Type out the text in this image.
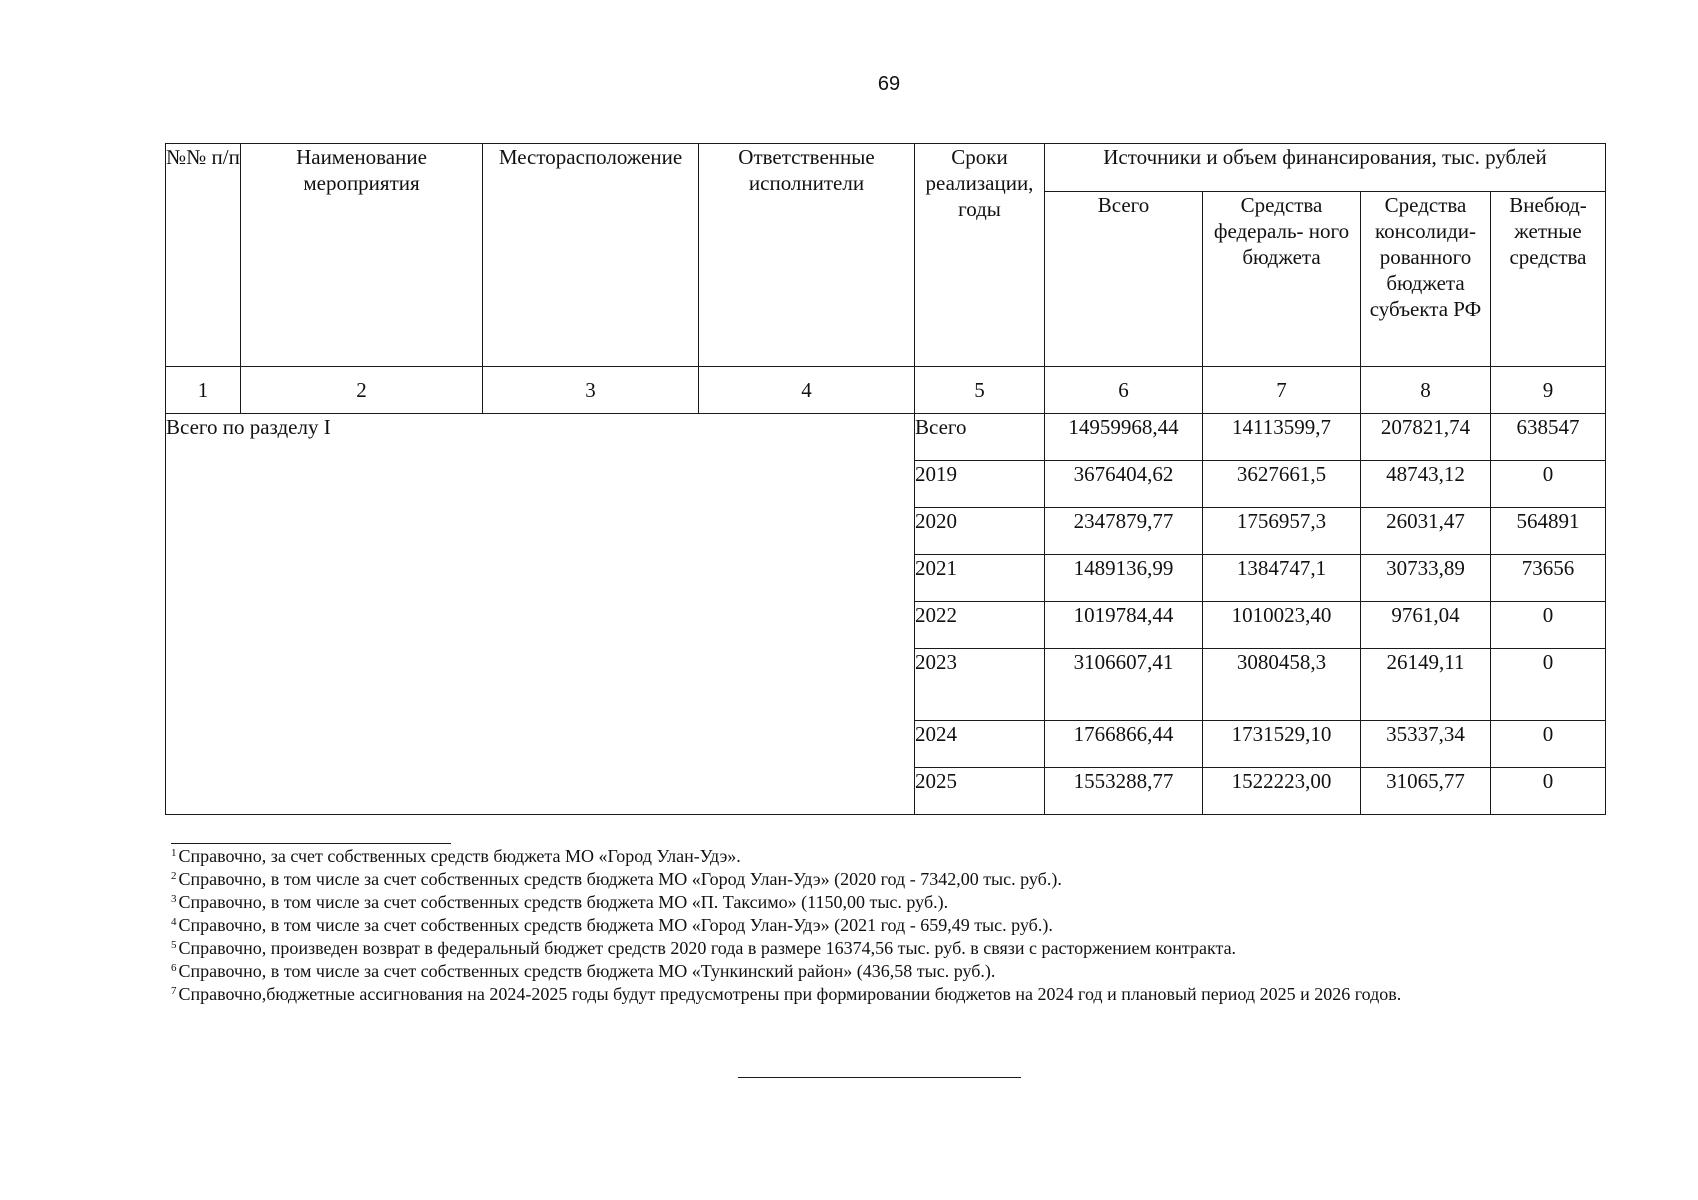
69
№№ п/п	Наименование мероприятия	Месторасположение	Ответственные исполнители	Сроки реализации, годы	Источники и объем финансирования, тыс. рублей			
					Всего	Средства федераль- ного бюджета	Средства консолиди- рованного бюджета субъекта РФ	Внебюд- жетные средства
1	2	3	4	5	6	7	8	9
Всего по разделу I				Всего	14959968,44	14113599,7	207821,74	638547
				2019	3676404,62	3627661,5	48743,12	0
				2020	2347879,77	1756957,3	26031,47	564891
				2021	1489136,99	1384747,1	30733,89	73656
				2022	1019784,44	1010023,40	9761,04	0
				2023	3106607,41	3080458,3	26149,11	0
				2024	1766866,44	1731529,10	35337,34	0
				2025	1553288,77	1522223,00	31065,77	0
$^1$ Справочно, за счет собственных средств бюджета МО «Город Улан-Удэ».
$^2$ Справочно, в том числе за счет собственных средств бюджета МО «Город Улан-Удэ» (2020 год - 7342,00 тыс. руб.).
$^3$ Справочно, в том числе за счет собственных средств бюджета МО «П. Таксимо» (1150,00 тыс. руб.).
$^4$ Справочно, в том числе за счет собственных средств бюджета МО «Город Улан-Удэ» (2021 год - 659,49 тыс. руб.).
$^5$ Справочно, произведен возврат в федеральный бюджет средств 2020 года в размере 16374,56 тыс. руб. в связи с расторжением контракта.
$^6$ Справочно, в том числе за счет собственных средств бюджета МО «Тункинский район» (436,58 тыс. руб.).
$^7$ Справочно,бюджетные ассигнования на 2024-2025 годы будут предусмотрены при формировании бюджетов на 2024 год и плановый период 2025 и 2026 годов.
